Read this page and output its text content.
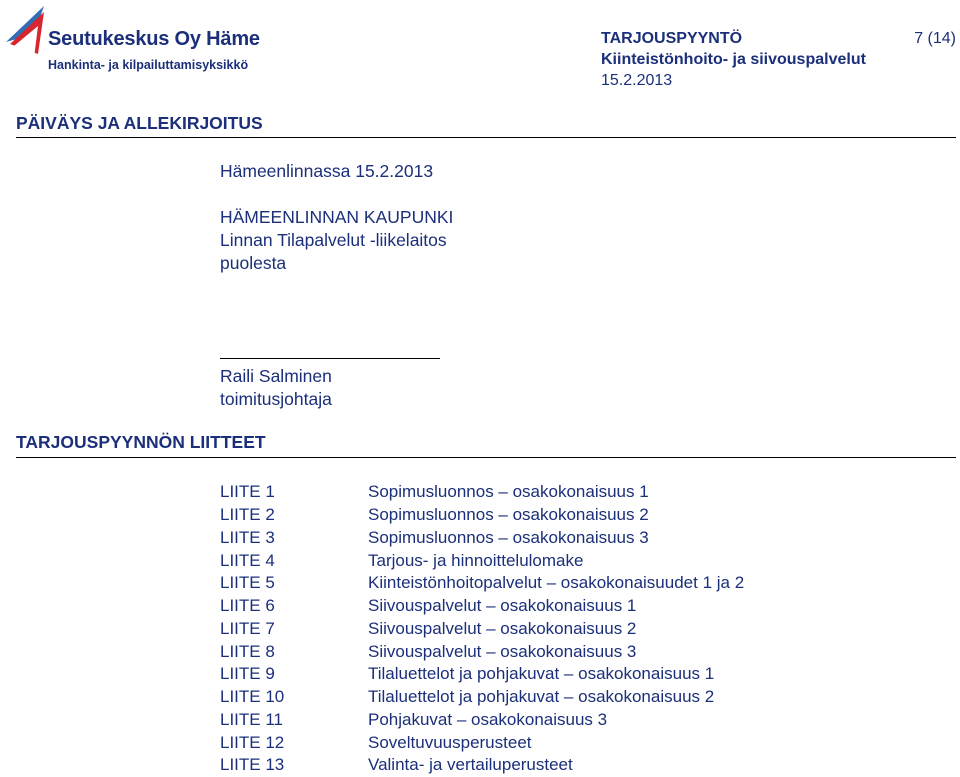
Seutukeskus Oy Häme
Hankinta- ja kilpailuttamisyksikkö
TARJOUSPYYNTÖ
Kiinteistönhoito- ja siivouspalvelut
15.2.2013
7 (14)
PÄIVÄYS JA ALLEKIRJOITUS
Hämeenlinnassa 15.2.2013
HÄMEENLINNAN KAUPUNKI
Linnan Tilapalvelut -liikelaitos
puolesta
Raili Salminen
toimitusjohtaja
TARJOUSPYYNNÖN LIITTEET
LIITE 1	Sopimusluonnos – osakokonaisuus 1
LIITE 2	Sopimusluonnos – osakokonaisuus 2
LIITE 3	Sopimusluonnos – osakokonaisuus 3
LIITE 4	Tarjous- ja hinnoittelulomake
LIITE 5	Kiinteistönhoitopalvelut – osakokonaisuudet 1 ja 2
LIITE 6	Siivouspalvelut – osakokonaisuus 1
LIITE 7	Siivouspalvelut – osakokonaisuus 2
LIITE 8	Siivouspalvelut – osakokonaisuus 3
LIITE 9	Tilaluettelot ja pohjakuvat – osakokonaisuus 1
LIITE 10	Tilaluettelot ja pohjakuvat – osakokonaisuus 2
LIITE 11	Pohjakuvat – osakokonaisuus 3
LIITE 12	Soveltuvuusperusteet
LIITE 13	Valinta- ja vertailuperusteet
